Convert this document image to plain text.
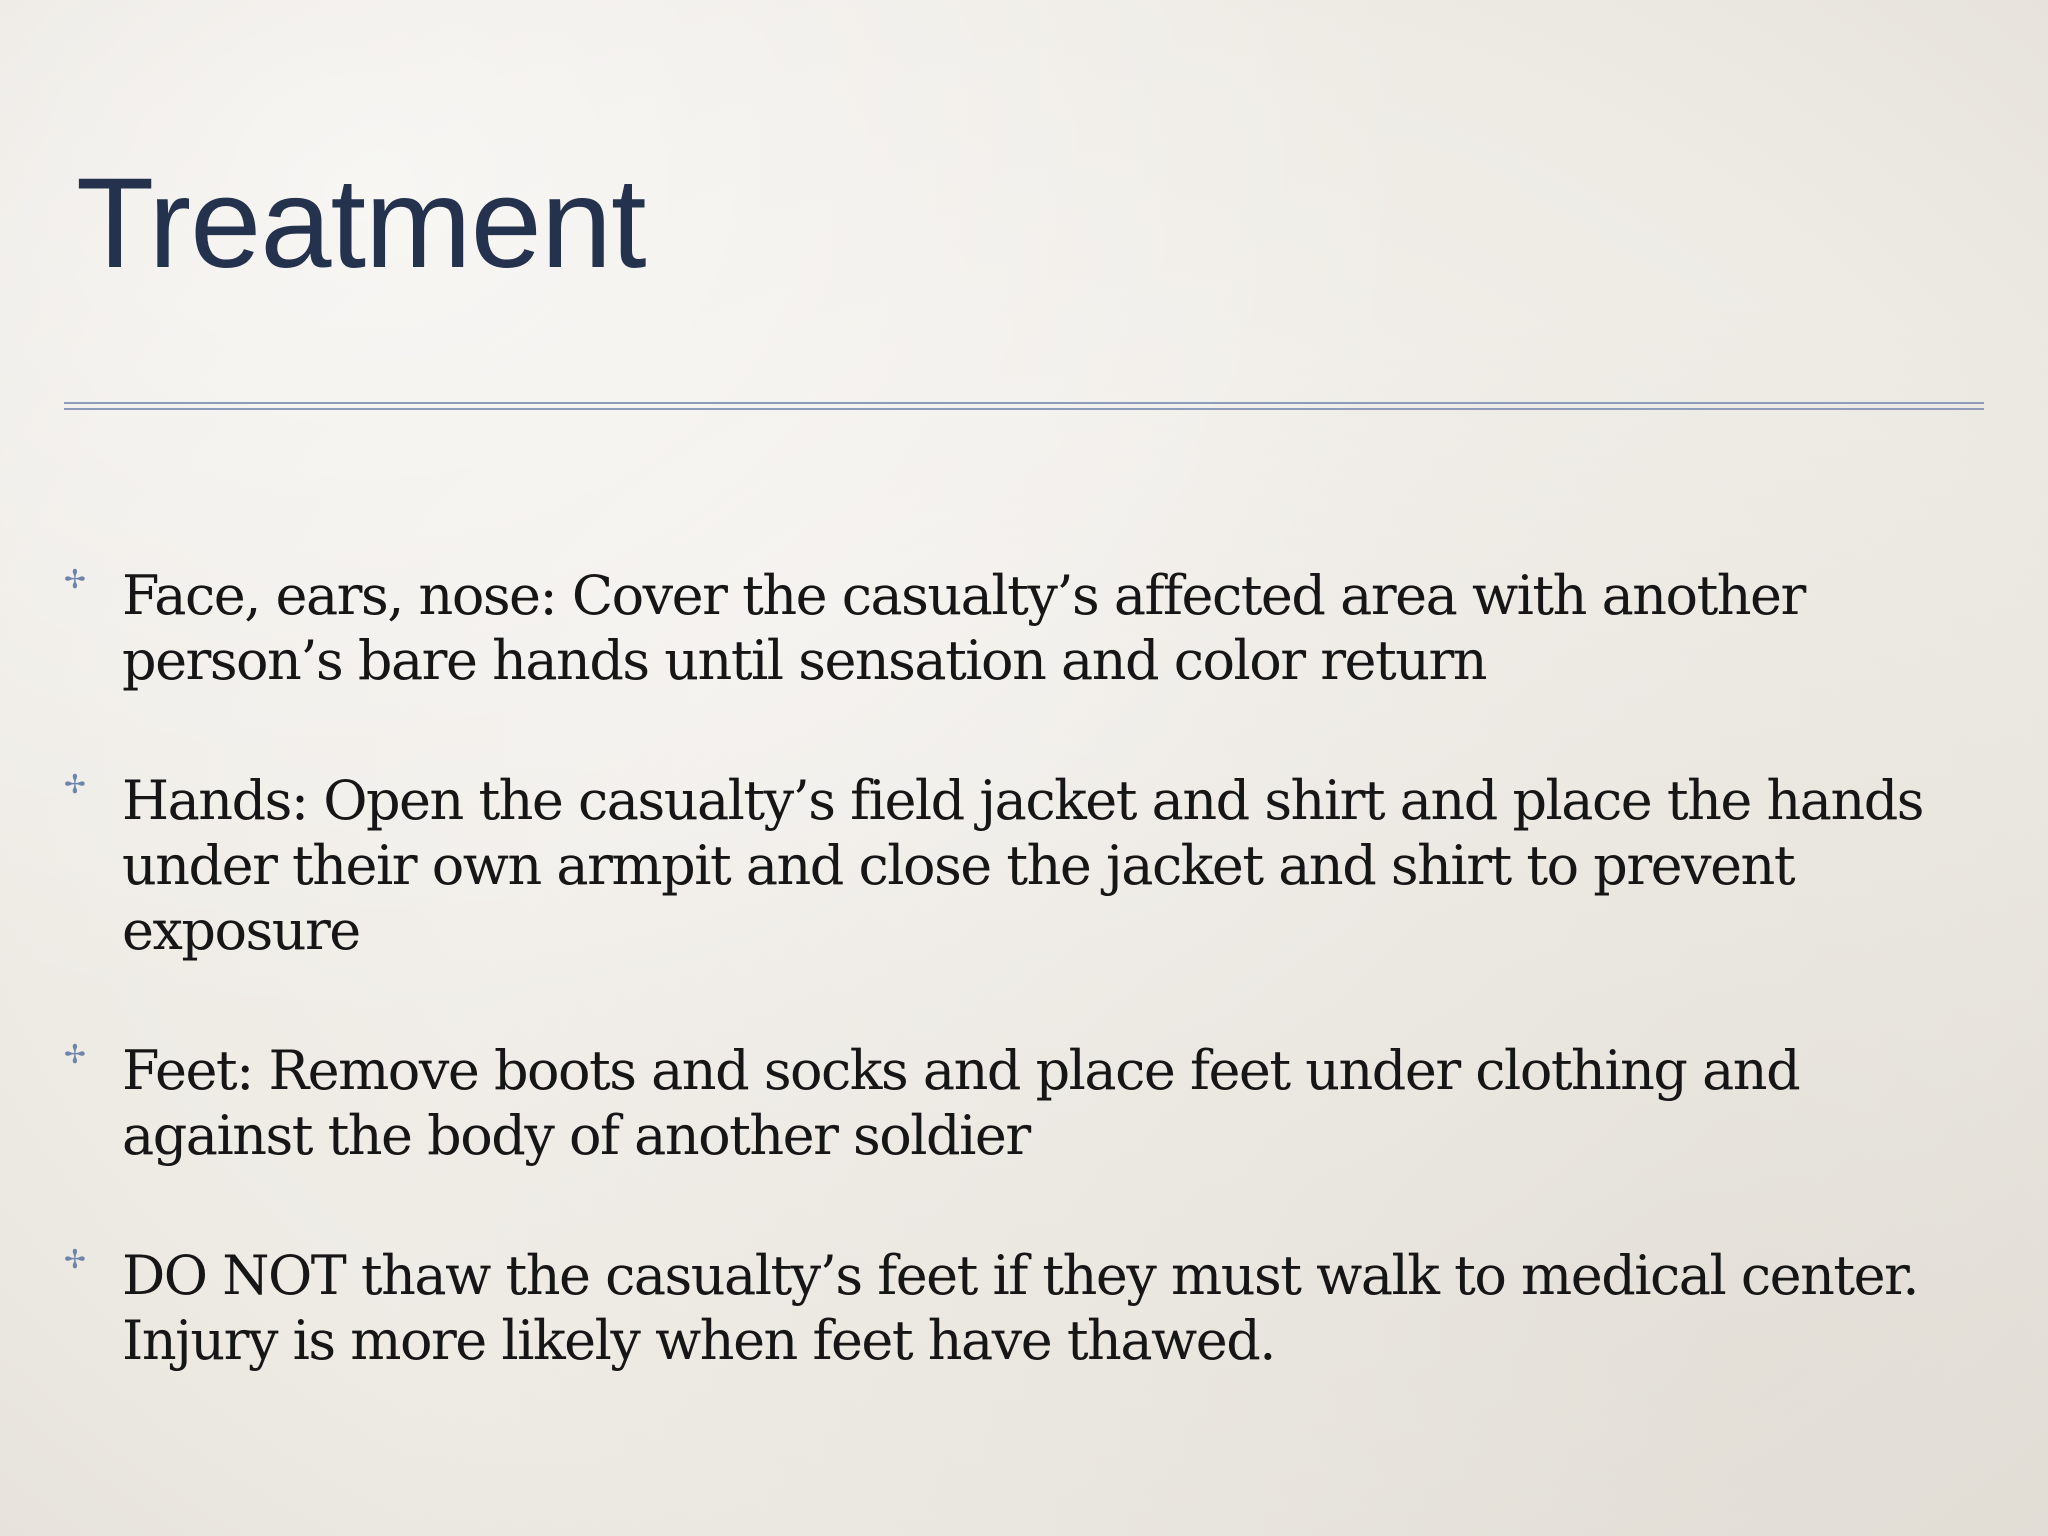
Treatment
✢ Face, ears, nose: Cover the casualty’s affected area with another person’s bare hands until sensation and color return
✢ Hands: Open the casualty’s field jacket and shirt and place the hands under their own armpit and close the jacket and shirt to prevent exposure
✢ Feet: Remove boots and socks and place feet under clothing and against the body of another soldier
✢ DO NOT thaw the casualty’s feet if they must walk to medical center. Injury is more likely when feet have thawed.
